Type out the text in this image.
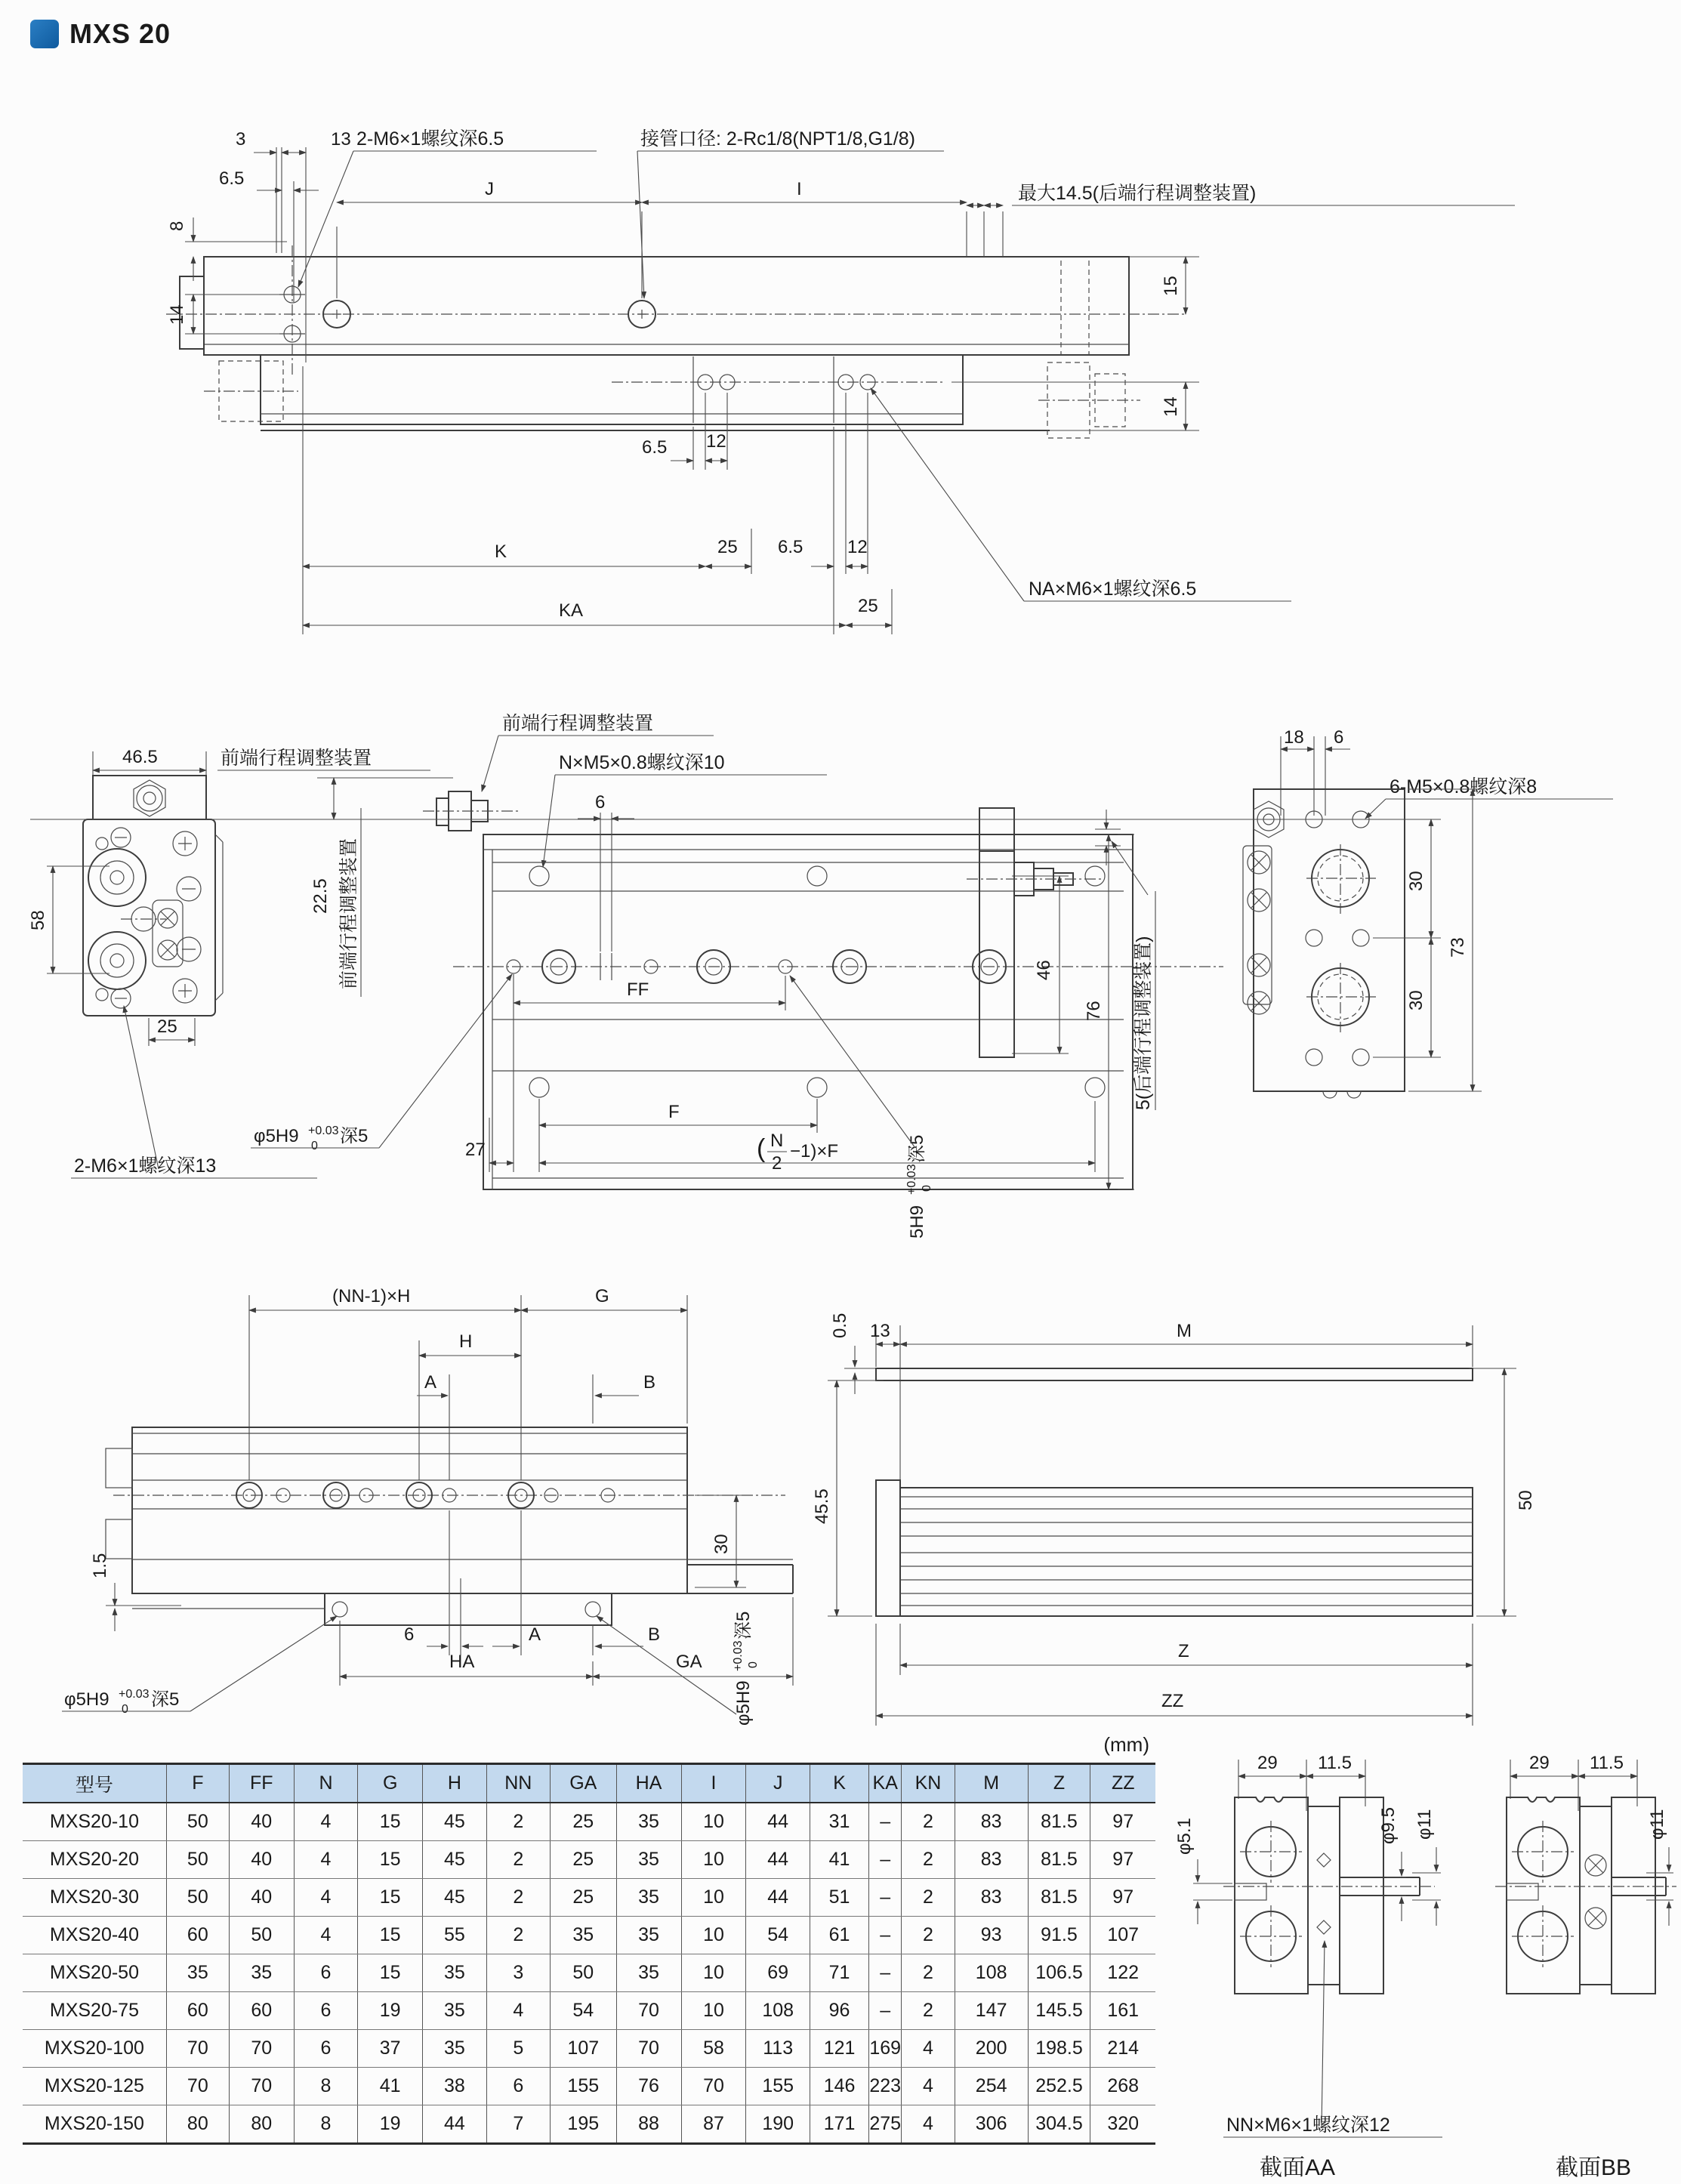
MXS 20
3	13
6.5
J	I	最大14.5(后端行程调整装置)
8
14
15
14
6.5 12
K	25 6.5 12
KA	25
2-M6×1螺纹深6.5	接管口径: 2-Rc1/8(NPT1/8,G1/8)
NA×M6×1螺纹深6.5
46.5	前端行程调整装置
58
25
2-M6×1螺纹深13
22.5 前端行程调整装置
φ5H9 +0.03
0 深5
前端行程调整装置
N×M5×0.8螺纹深10
6
FF
F
27	( N
2
−1)×F
46
76 5(后端行程调整装置)
5H9
+0.03 0
深5
18 6
6-M5×0.8螺纹深8
30
30
73
(NN-1)×H	G
H
A	B
1.5
30
6	A	B
HA	GA
φ5H9 +0.03
0 深5	φ5H9
+0.03 0
深5
0.5 13	M
45.5	50
Z
ZZ
29 11.5
φ9.5 φ11
φ5.1
NN×M6×1螺纹深12
截面AA
29 11.5
φ11
截面BB
(mm)
型号	F	FF	N	G	H	NN	GA	HA	I	J	K	KA	KN	M	Z	ZZ
MXS20-10	50	40	4	15	45	2	25	35	10	44	31	–	2	83	81.5	97
MXS20-20	50	40	4	15	45	2	25	35	10	44	41	–	2	83	81.5	97
MXS20-30	50	40	4	15	45	2	25	35	10	44	51	–	2	83	81.5	97
MXS20-40	60	50	4	15	55	2	35	35	10	54	61	–	2	93	91.5	107
MXS20-50	35	35	6	15	35	3	50	35	10	69	71	–	2	108	106.5	122
MXS20-75	60	60	6	19	35	4	54	70	10	108	96	–	2	147	145.5	161
MXS20-100	70	70	6	37	35	5	107	70	58	113	121	169	4	200	198.5	214
MXS20-125	70	70	8	41	38	6	155	76	70	155	146	223	4	254	252.5	268
MXS20-150	80	80	8	19	44	7	195	88	87	190	171	275	4	306	304.5	320
